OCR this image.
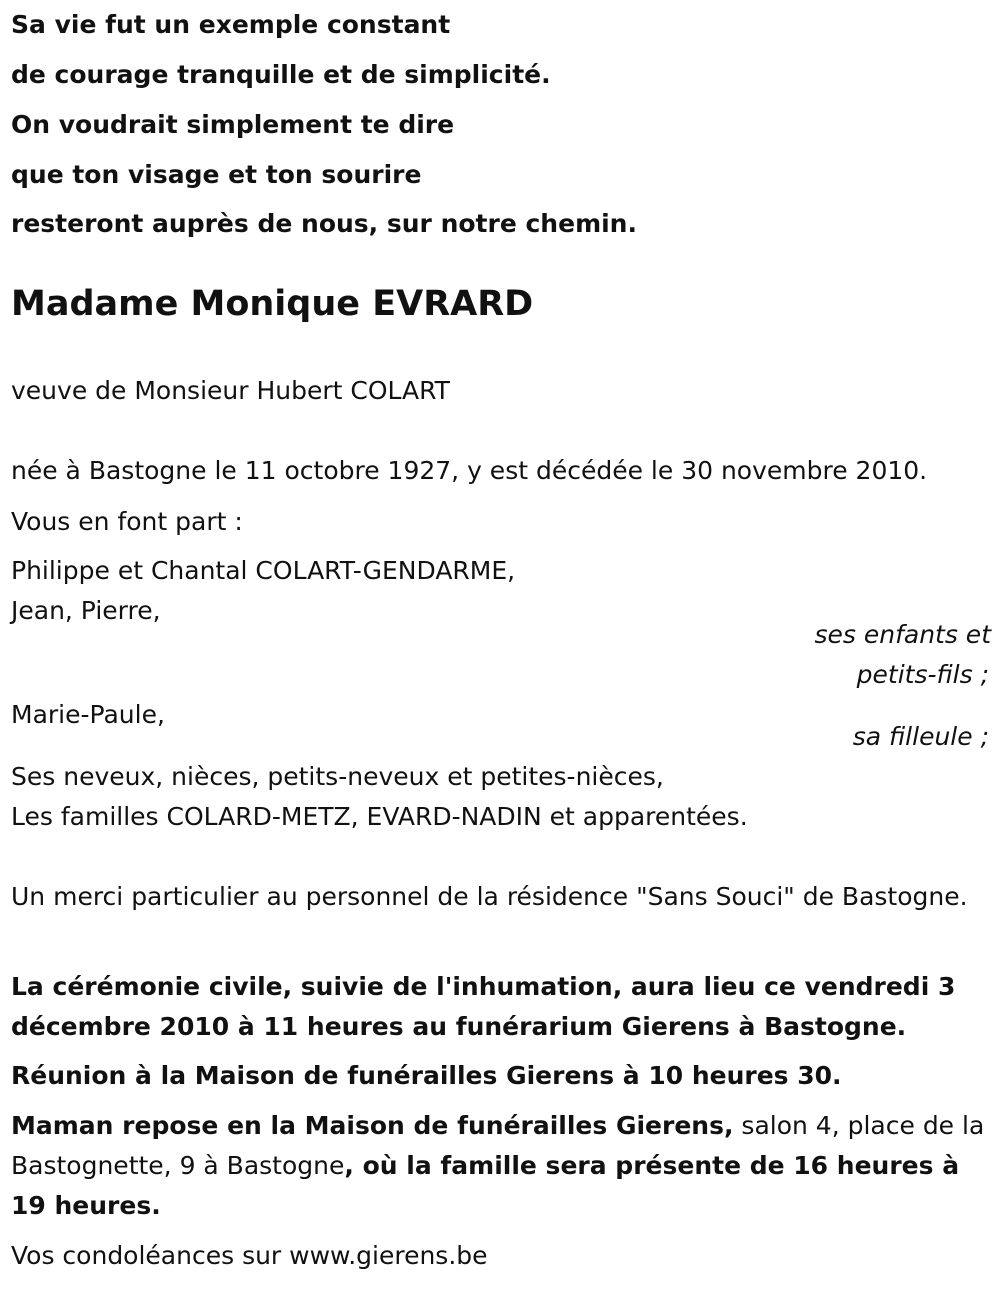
Sa vie fut un exemple constant
de courage tranquille et de simplicité.
On voudrait simplement te dire
que ton visage et ton sourire
resteront auprès de nous, sur notre chemin.
Madame Monique EVRARD
veuve de Monsieur Hubert COLART
née à Bastogne le 11 octobre 1927, y est décédée le 30 novembre 2010.
Vous en font part :
Philippe et Chantal COLART-GENDARME,
Jean, Pierre,
ses enfants et
petits-fils ;
Marie-Paule,
sa filleule ;
Ses neveux, nièces, petits-neveux et petites-nièces,
Les familles COLARD-METZ, EVARD-NADIN et apparentées.
Un merci particulier au personnel de la résidence "Sans Souci" de Bastogne.
La cérémonie civile, suivie de l'inhumation, aura lieu ce vendredi 3 décembre 2010 à 11 heures au funérarium Gierens à Bastogne.
Réunion à la Maison de funérailles Gierens à 10 heures 30.
Maman repose en la Maison de funérailles Gierens, salon 4, place de la Bastognette, 9 à Bastogne, où la famille sera présente de 16 heures à 19 heures.
Vos condoléances sur www.gierens.be
